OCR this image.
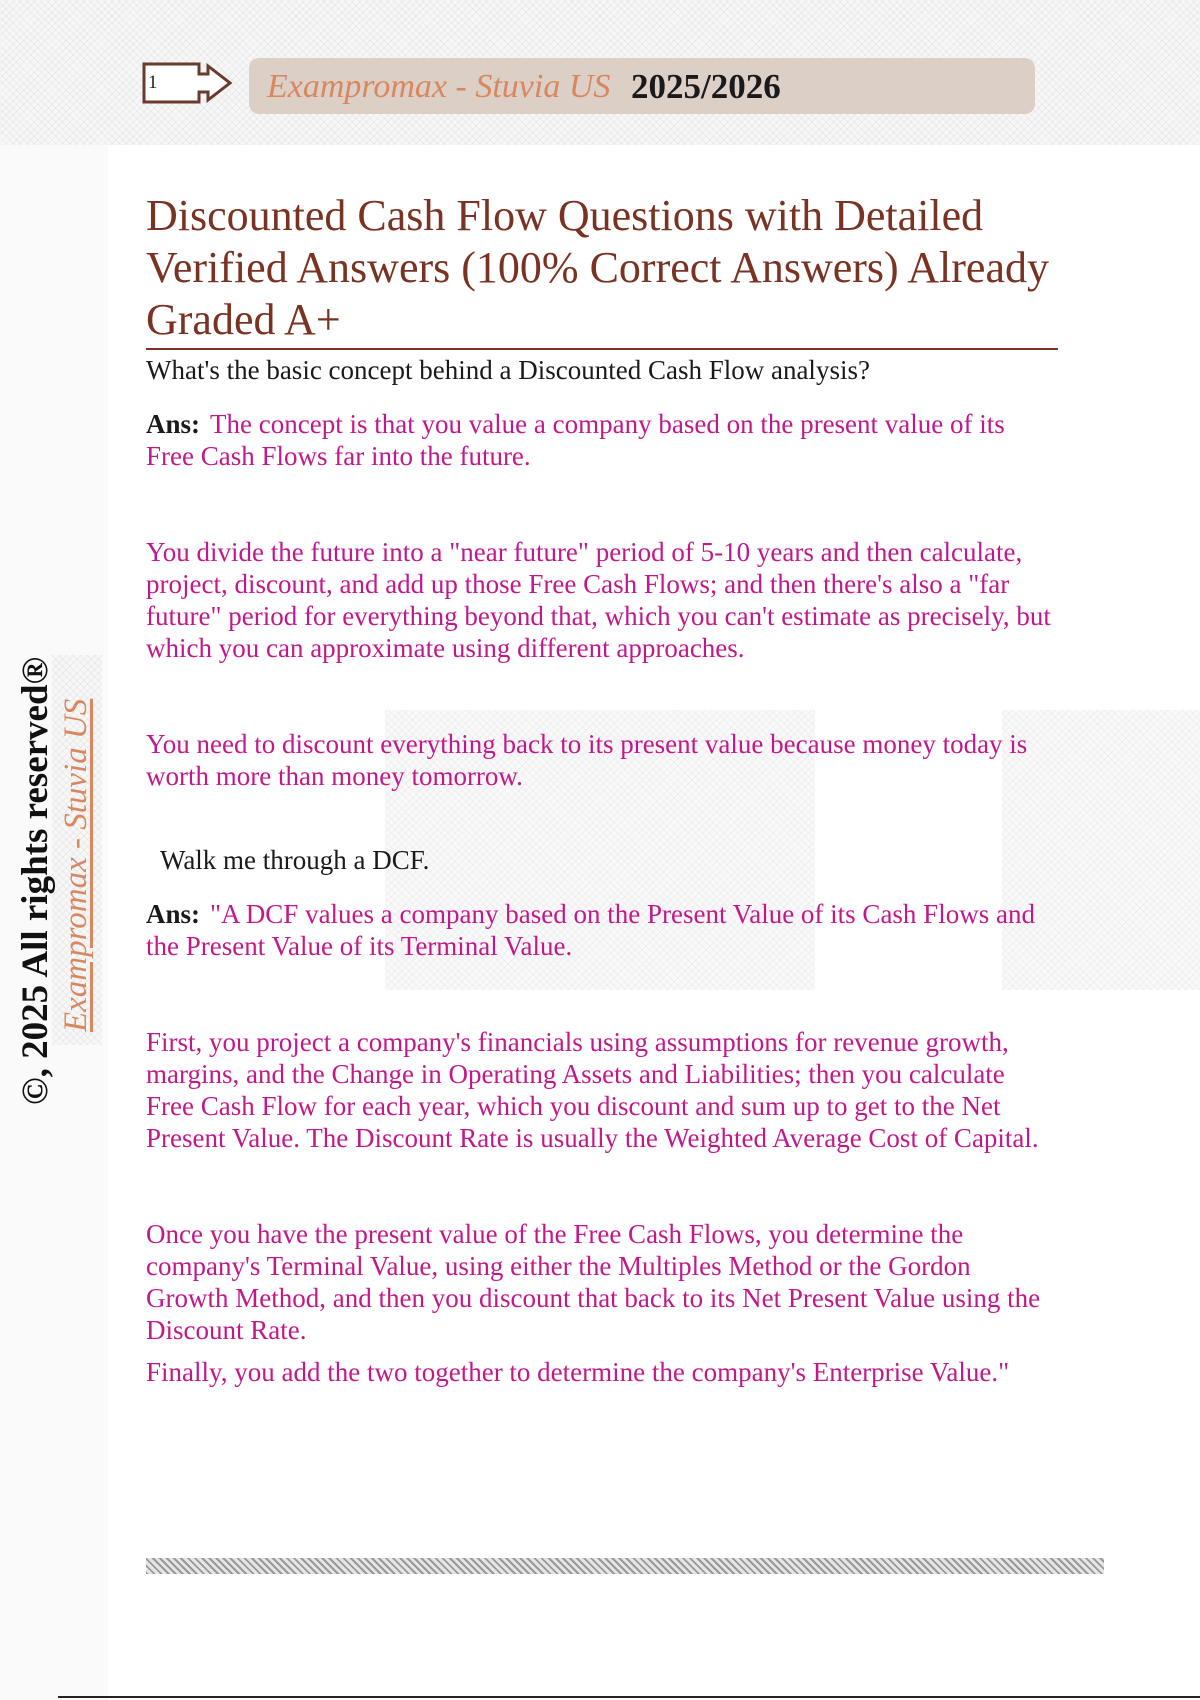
1	Exampromax - Stuvia US 2025/2026
©, 2025 All rights reserved® Exampromax - Stuvia US
Discounted Cash Flow Questions with Detailed Verified Answers (100% Correct Answers) Already Graded A+

What's the basic concept behind a Discounted Cash Flow analysis?

Ans: The concept is that you value a company based on the present value of its Free Cash Flows far into the future.

You divide the future into a "near future" period of 5-10 years and then calculate, project, discount, and add up those Free Cash Flows; and then there's also a "far future" period for everything beyond that, which you can't estimate as precisely, but which you can approximate using different approaches.

You need to discount everything back to its present value because money today is worth more than money tomorrow.

Walk me through a DCF.

Ans: "A DCF values a company based on the Present Value of its Cash Flows and the Present Value of its Terminal Value.

First, you project a company's financials using assumptions for revenue growth, margins, and the Change in Operating Assets and Liabilities; then you calculate Free Cash Flow for each year, which you discount and sum up to get to the Net Present Value. The Discount Rate is usually the Weighted Average Cost of Capital.

Once you have the present value of the Free Cash Flows, you determine the company's Terminal Value, using either the Multiples Method or the Gordon Growth Method, and then you discount that back to its Net Present Value using the Discount Rate.

Finally, you add the two together to determine the company's Enterprise Value."
